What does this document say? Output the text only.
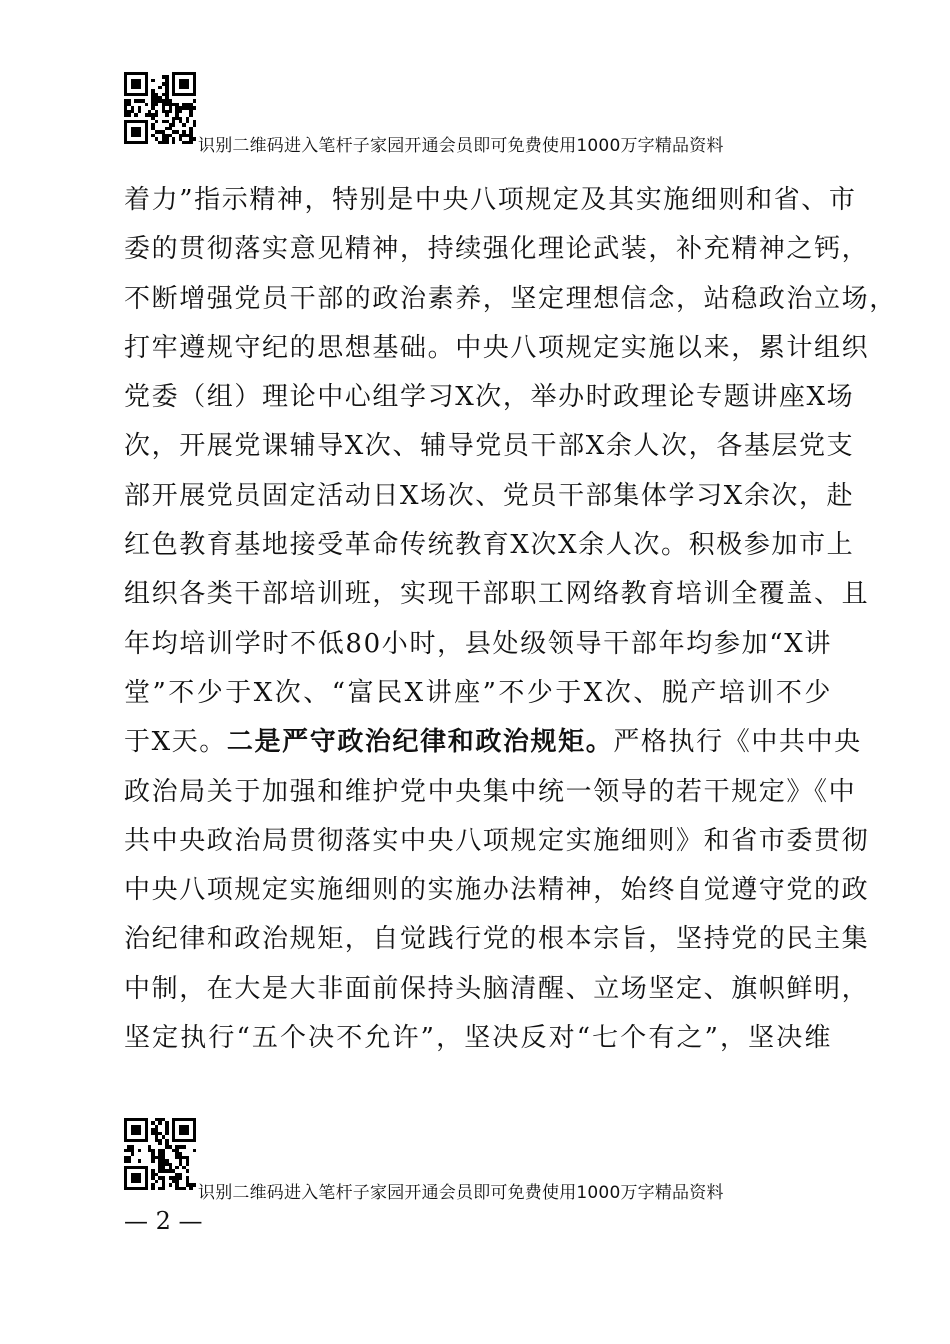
识别二维码进入笔杆子家园开通会员即可免费使用1000万字精品资料
着力”指示精神，特别是中央八项规定及其实施细则和省、市
委的贯彻落实意见精神，持续强化理论武装，补充精神之钙，
不断增强党员干部的政治素养，坚定理想信念，站稳政治立场，
打牢遵规守纪的思想基础。中央八项规定实施以来，累计组织
党委（组）理论中心组学习X次，举办时政理论专题讲座X场
次，开展党课辅导X次、辅导党员干部X余人次，各基层党支
部开展党员固定活动日X场次、党员干部集体学习X余次，赴
红色教育基地接受革命传统教育X次X余人次。积极参加市上
组织各类干部培训班，实现干部职工网络教育培训全覆盖、且
年均培训学时不低80小时，县处级领导干部年均参加“X讲
堂”不少于X次、“富民X讲座”不少于X次、脱产培训不少
于X天。二是严守政治纪律和政治规矩。严格执行《中共中央
政治局关于加强和维护党中央集中统一领导的若干规定》《中
共中央政治局贯彻落实中央八项规定实施细则》和省市委贯彻
中央八项规定实施细则的实施办法精神，始终自觉遵守党的政
治纪律和政治规矩，自觉践行党的根本宗旨，坚持党的民主集
中制，在大是大非面前保持头脑清醒、立场坚定、旗帜鲜明，
坚定执行“五个决不允许”，坚决反对“七个有之”，坚决维
识别二维码进入笔杆子家园开通会员即可免费使用1000万字精品资料
— 2 —
